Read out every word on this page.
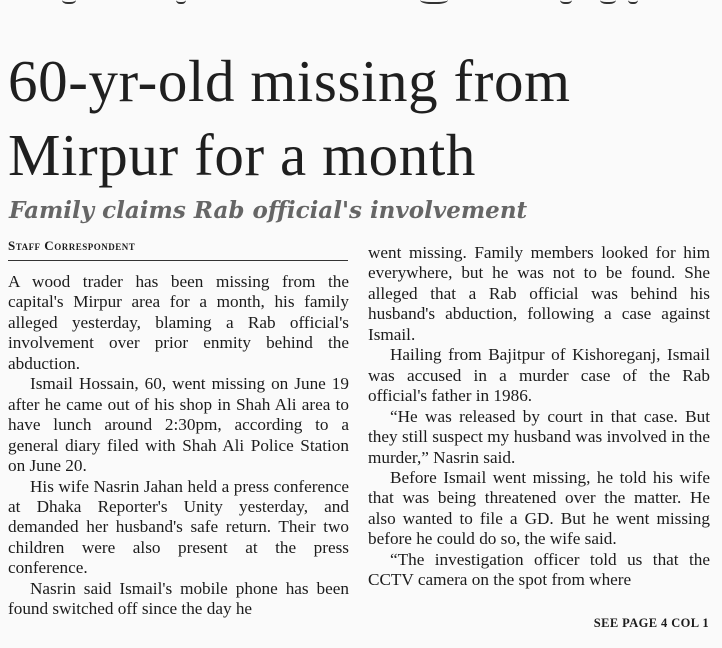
60-yr-old missing from
Mirpur for a month
Family claims Rab official's involvement
Staff Correspondent

A wood trader has been missing from the capital's Mirpur area for a month, his family alleged yesterday, blaming a Rab official's involvement over prior enmity behind the abduction.

Ismail Hossain, 60, went missing on June 19 after he came out of his shop in Shah Ali area to have lunch around 2:30pm, according to a general diary filed with Shah Ali Police Station on June 20.

His wife Nasrin Jahan held a press conference at Dhaka Reporter's Unity yesterday, and demanded her husband's safe return. Their two children were also present at the press conference.

Nasrin said Ismail's mobile phone has been found switched off since the day he

went missing. Family members looked for him everywhere, but he was not to be found. She alleged that a Rab official was behind his husband's abduction, following a case against Ismail.

Hailing from Bajitpur of Kishoreganj, Ismail was accused in a murder case of the Rab official's father in 1986.

“He was released by court in that case. But they still suspect my husband was involved in the murder,” Nasrin said.

Before Ismail went missing, he told his wife that was being threatened over the matter. He also wanted to file a GD. But he went missing before he could do so, the wife said.

“The investigation officer told us that the CCTV camera on the spot from where

SEE PAGE 4 COL 1
